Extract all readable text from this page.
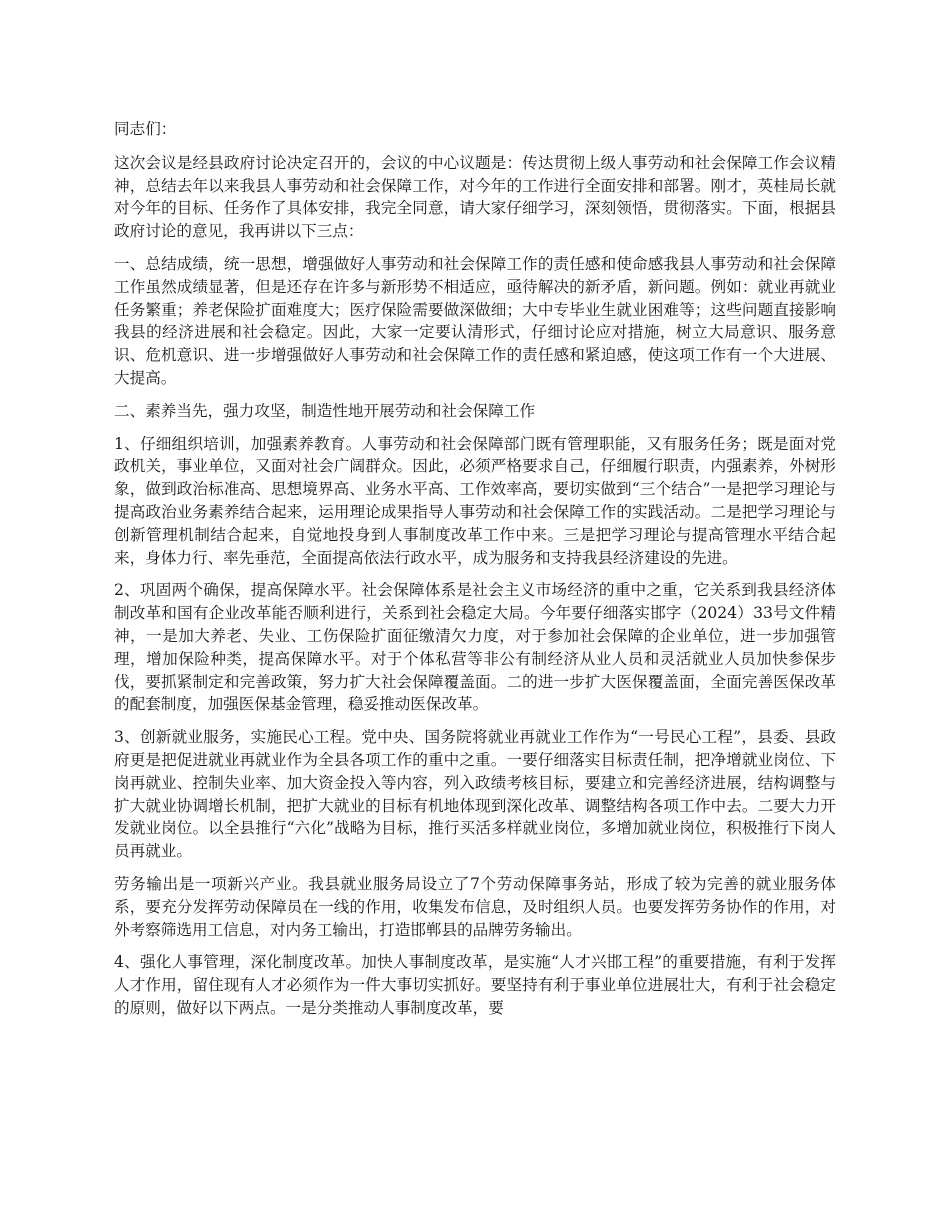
同志们：

这次会议是经县政府讨论决定召开的，会议的中心议题是：传达贯彻上级人事劳动和社会保障工作会议精神，总结去年以来我县人事劳动和社会保障工作，对今年的工作进行全面安排和部署。刚才，英桂局长就对今年的目标、任务作了具体安排，我完全同意，请大家仔细学习，深刻领悟，贯彻落实。下面，根据县政府讨论的意见，我再讲以下三点：

一、总结成绩，统一思想，增强做好人事劳动和社会保障工作的责任感和使命感我县人事劳动和社会保障工作虽然成绩显著，但是还存在许多与新形势不相适应，亟待解决的新矛盾，新问题。例如：就业再就业任务繁重；养老保险扩面难度大；医疗保险需要做深做细；大中专毕业生就业困难等；这些问题直接影响我县的经济进展和社会稳定。因此，大家一定要认清形式，仔细讨论应对措施，树立大局意识、服务意识、危机意识、进一步增强做好人事劳动和社会保障工作的责任感和紧迫感，使这项工作有一个大进展、大提高。

二、素养当先，强力攻坚，制造性地开展劳动和社会保障工作

1、仔细组织培训，加强素养教育。人事劳动和社会保障部门既有管理职能，又有服务任务；既是面对党政机关，事业单位，又面对社会广阔群众。因此，必须严格要求自己，仔细履行职责，内强素养，外树形象，做到政治标准高、思想境界高、业务水平高、工作效率高，要切实做到“三个结合”一是把学习理论与提高政治业务素养结合起来，运用理论成果指导人事劳动和社会保障工作的实践活动。二是把学习理论与创新管理机制结合起来，自觉地投身到人事制度改革工作中来。三是把学习理论与提高管理水平结合起来，身体力行、率先垂范，全面提高依法行政水平，成为服务和支持我县经济建设的先进。

2、巩固两个确保，提高保障水平。社会保障体系是社会主义市场经济的重中之重，它关系到我县经济体制改革和国有企业改革能否顺利进行，关系到社会稳定大局。今年要仔细落实邯字（2024）33号文件精神，一是加大养老、失业、工伤保险扩面征缴清欠力度，对于参加社会保障的企业单位，进一步加强管理，增加保险种类，提高保障水平。对于个体私营等非公有制经济从业人员和灵活就业人员加快参保步伐，要抓紧制定和完善政策，努力扩大社会保障覆盖面。二的进一步扩大医保覆盖面，全面完善医保改革的配套制度，加强医保基金管理，稳妥推动医保改革。

3、创新就业服务，实施民心工程。党中央、国务院将就业再就业工作作为“一号民心工程”，县委、县政府更是把促进就业再就业作为全县各项工作的重中之重。一要仔细落实目标责任制，把净增就业岗位、下岗再就业、控制失业率、加大资金投入等内容，列入政绩考核目标，要建立和完善经济进展，结构调整与扩大就业协调增长机制，把扩大就业的目标有机地体现到深化改革、调整结构各项工作中去。二要大力开发就业岗位。以全县推行“六化”战略为目标，推行买活多样就业岗位，多增加就业岗位，积极推行下岗人员再就业。

劳务输出是一项新兴产业。我县就业服务局设立了7个劳动保障事务站，形成了较为完善的就业服务体系，要充分发挥劳动保障员在一线的作用，收集发布信息，及时组织人员。也要发挥劳务协作的作用，对外考察筛选用工信息，对内务工输出，打造邯郸县的品牌劳务输出。

4、强化人事管理，深化制度改革。加快人事制度改革，是实施“人才兴邯工程”的重要措施，有利于发挥人才作用，留住现有人才必须作为一件大事切实抓好。要坚持有利于事业单位进展壮大，有利于社会稳定的原则，做好以下两点。一是分类推动人事制度改革，要
